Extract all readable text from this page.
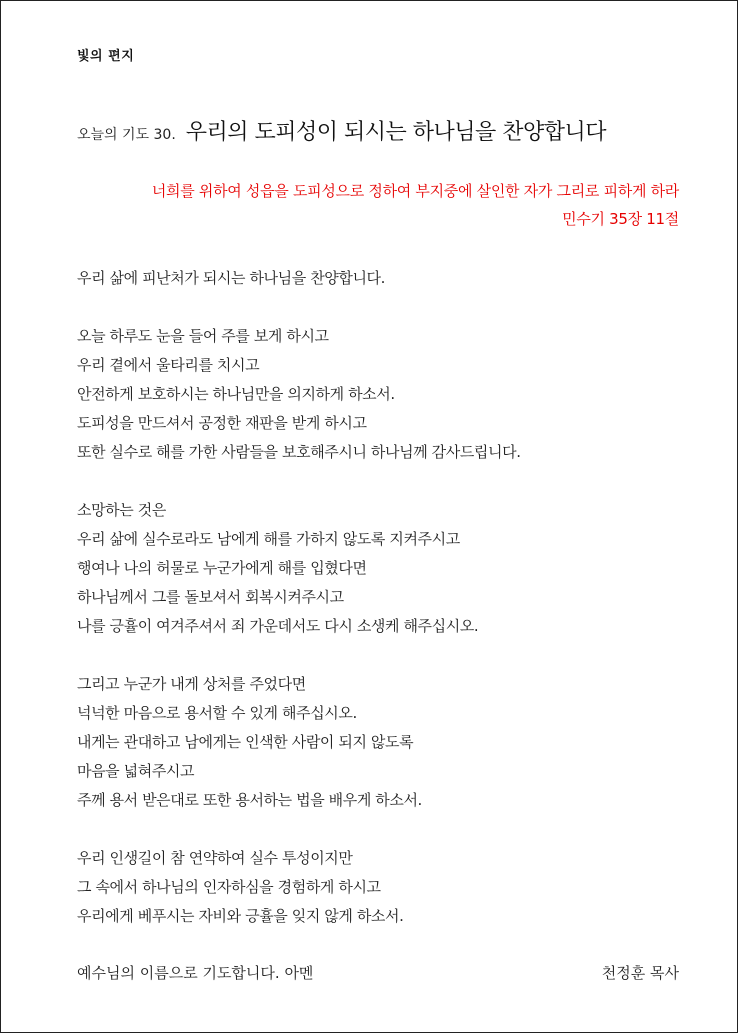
빛의 편지
오늘의 기도 30. 우리의 도피성이 되시는 하나님을 찬양합니다
너희를 위하여 성읍을 도피성으로 정하여 부지중에 살인한 자가 그리로 피하게 하라
민수기 35장 11절
우리 삶에 피난처가 되시는 하나님을 찬양합니다.
오늘 하루도 눈을 들어 주를 보게 하시고
우리 곁에서 울타리를 치시고
안전하게 보호하시는 하나님만을 의지하게 하소서.
도피성을 만드셔서 공정한 재판을 받게 하시고
또한 실수로 해를 가한 사람들을 보호해주시니 하나님께 감사드립니다.
소망하는 것은
우리 삶에 실수로라도 남에게 해를 가하지 않도록 지켜주시고
행여나 나의 허물로 누군가에게 해를 입혔다면
하나님께서 그를 돌보셔서 회복시켜주시고
나를 긍휼이 여겨주셔서 죄 가운데서도 다시 소생케 해주십시오.
그리고 누군가 내게 상처를 주었다면
넉넉한 마음으로 용서할 수 있게 해주십시오.
내게는 관대하고 남에게는 인색한 사람이 되지 않도록
마음을 넓혀주시고
주께 용서 받은대로 또한 용서하는 법을 배우게 하소서.
우리 인생길이 참 연약하여 실수 투성이지만
그 속에서 하나님의 인자하심을 경험하게 하시고
우리에게 베푸시는 자비와 긍휼을 잊지 않게 하소서.
예수님의 이름으로 기도합니다. 아멘	천정훈 목사
